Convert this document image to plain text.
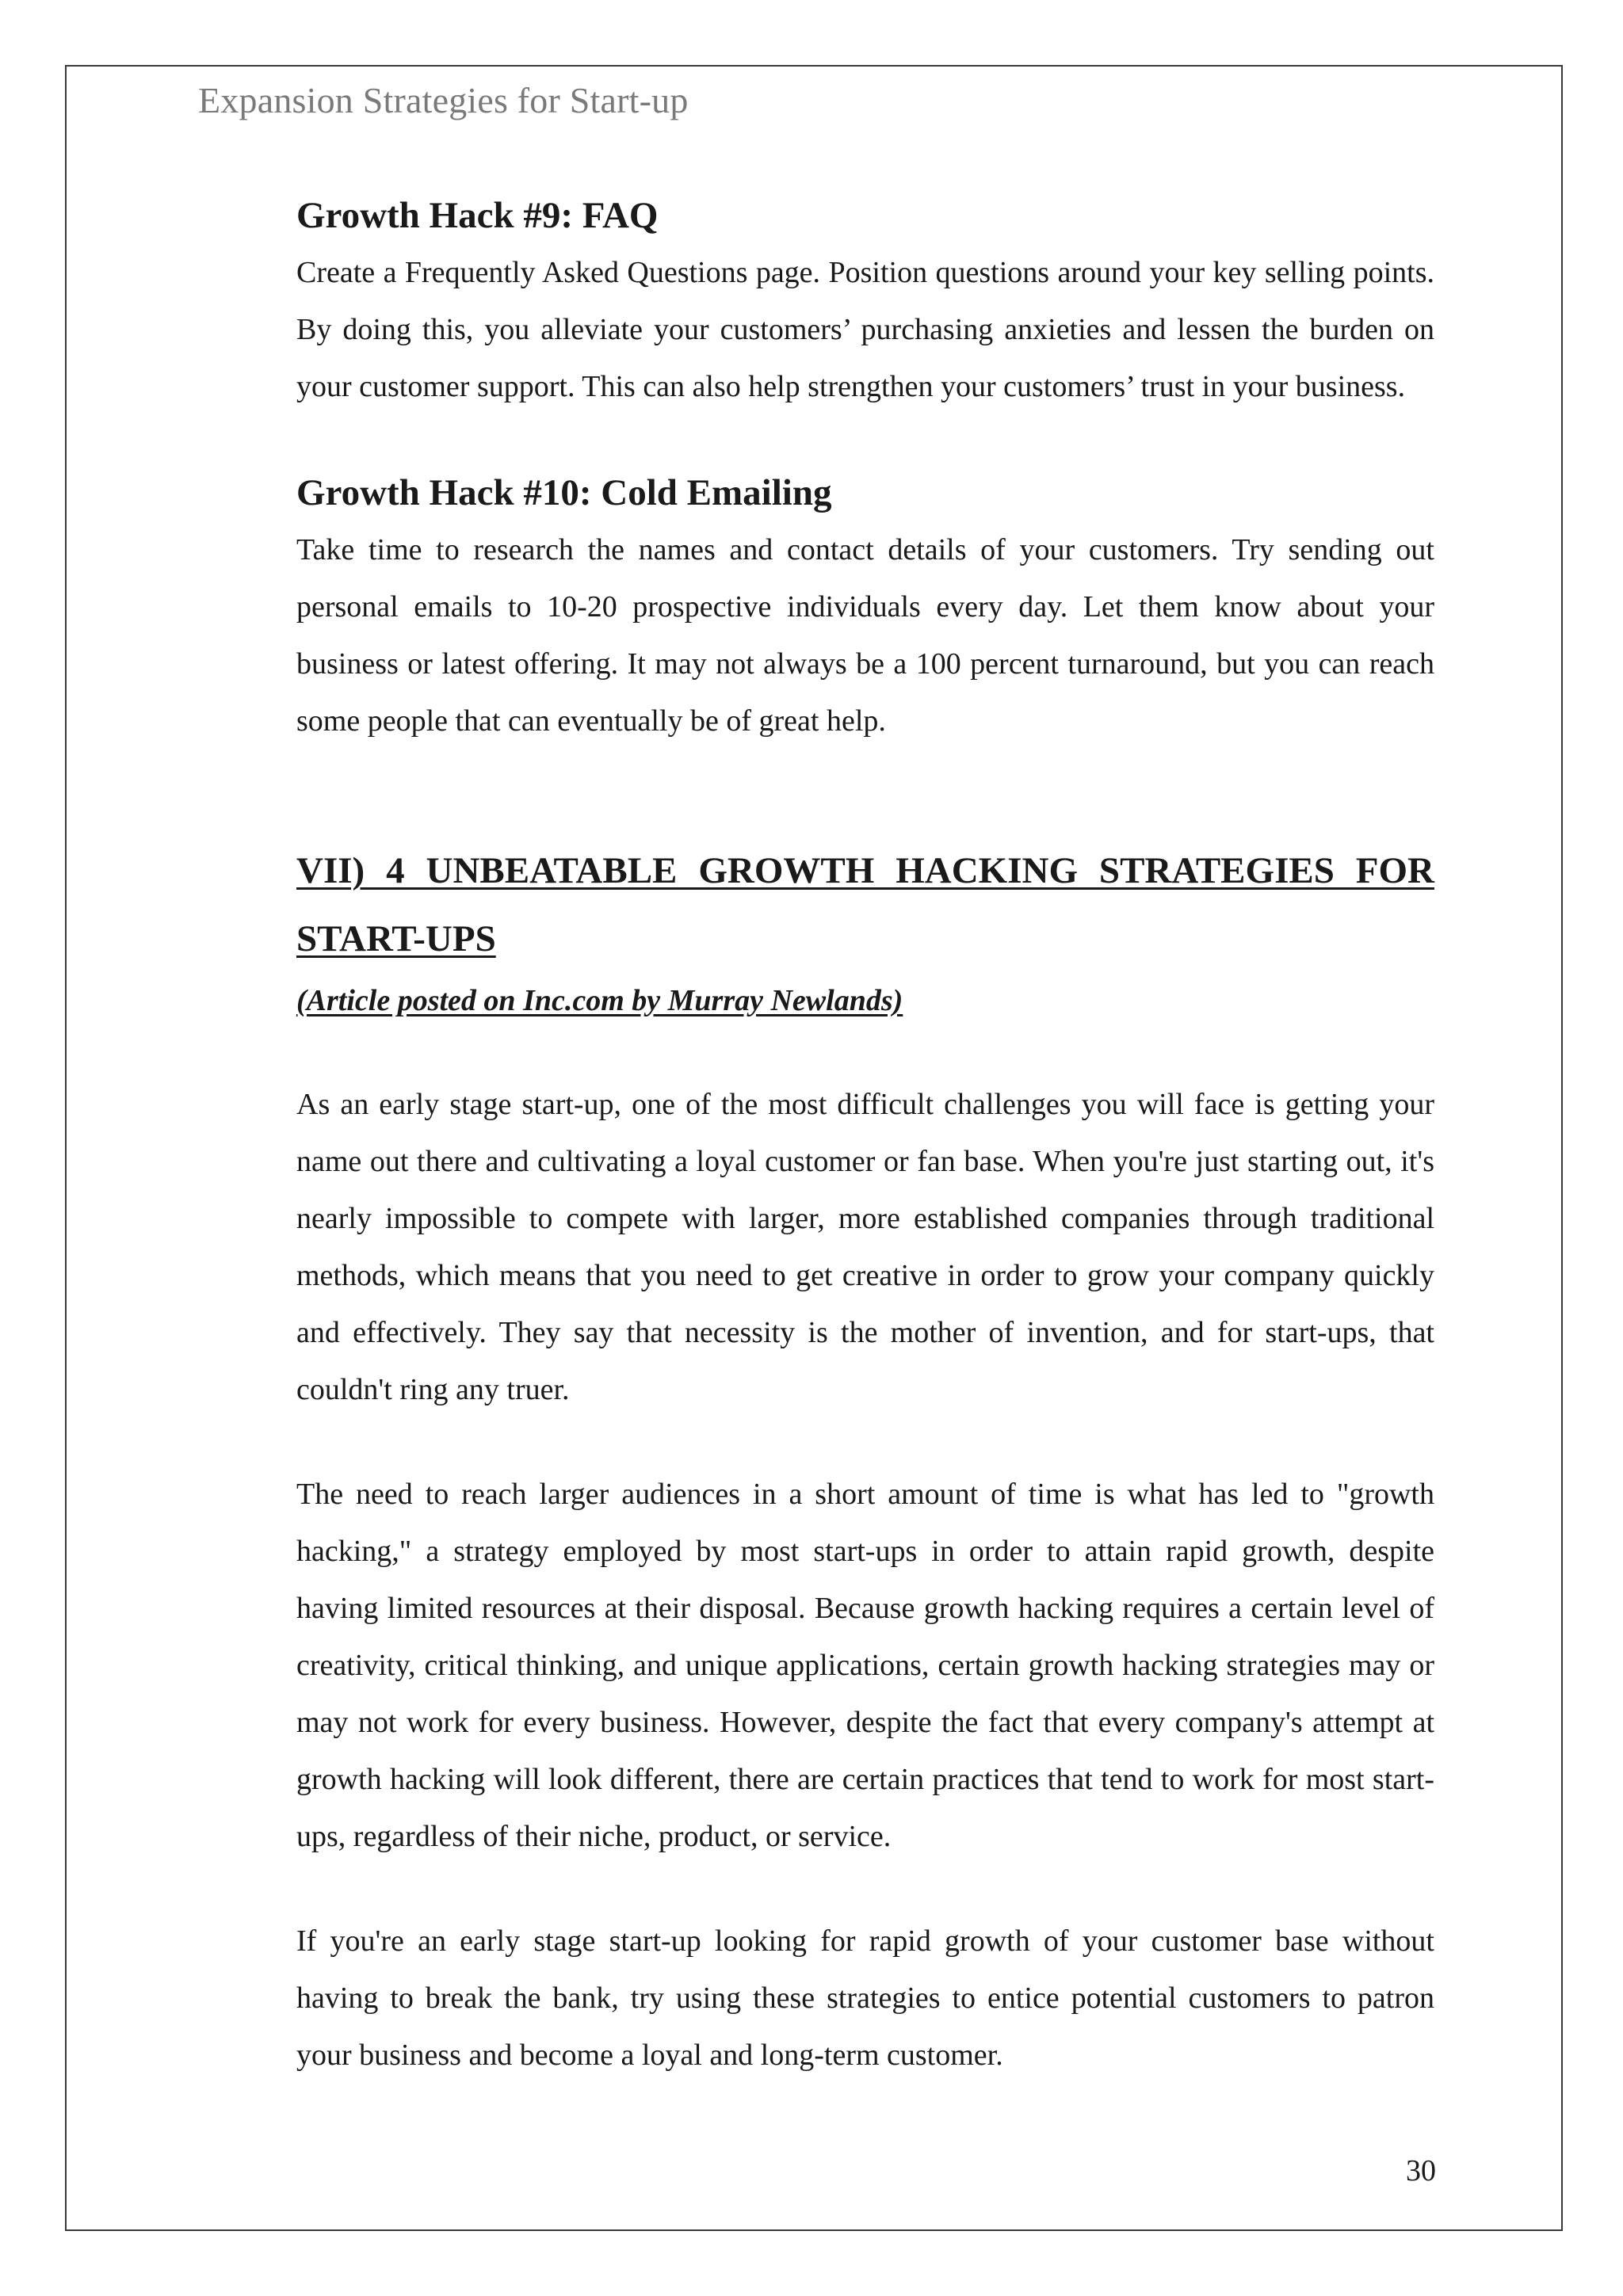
Expansion Strategies for Start-up
Growth Hack #9: FAQ

Create a Frequently Asked Questions page. Position questions around your key selling points. By doing this, you alleviate your customers’ purchasing anxieties and lessen the burden on your customer support. This can also help strengthen your customers’ trust in your business.

Growth Hack #10: Cold Emailing

Take time to research the names and contact details of your customers. Try sending out personal emails to 10-20 prospective individuals every day. Let them know about your business or latest offering. It may not always be a 100 percent turnaround, but you can reach some people that can eventually be of great help.

VII) 4 UNBEATABLE GROWTH HACKING STRATEGIES FOR START-UPS

(Article posted on Inc.com by Murray Newlands)

As an early stage start-up, one of the most difficult challenges you will face is getting your name out there and cultivating a loyal customer or fan base. When you're just starting out, it's nearly impossible to compete with larger, more established companies through traditional methods, which means that you need to get creative in order to grow your company quickly and effectively. They say that necessity is the mother of invention, and for start-ups, that couldn't ring any truer.

The need to reach larger audiences in a short amount of time is what has led to "growth hacking," a strategy employed by most start-ups in order to attain rapid growth, despite having limited resources at their disposal. Because growth hacking requires a certain level of creativity, critical thinking, and unique applications, certain growth hacking strategies may or may not work for every business. However, despite the fact that every company's attempt at growth hacking will look different, there are certain practices that tend to work for most start-ups, regardless of their niche, product, or service.

If you're an early stage start-up looking for rapid growth of your customer base without having to break the bank, try using these strategies to entice potential customers to patron your business and become a loyal and long-term customer.

30
